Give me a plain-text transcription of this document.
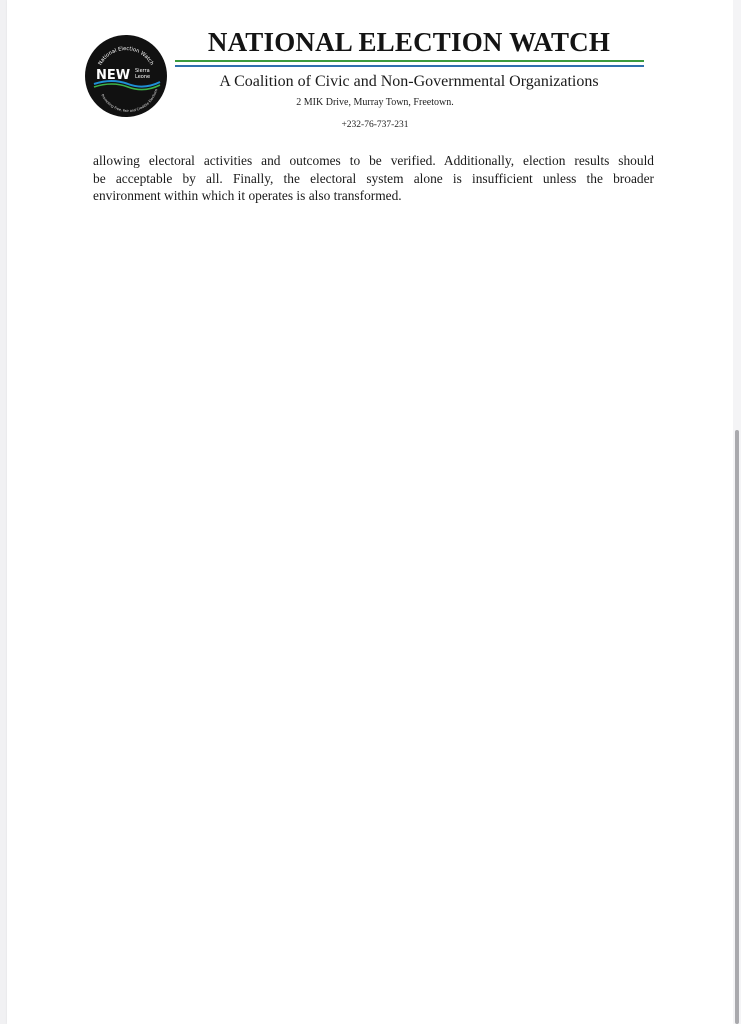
National Election Watch
NEW Sierra
Leone
Promoting Free, Fair and Credible Elections
NATIONAL ELECTION WATCH
A Coalition of Civic and Non-Governmental Organizations
2 MIK Drive, Murray Town, Freetown.
+232-76-737-231
allowing electoral activities and outcomes to be verified. Additionally, election results should
be acceptable by all. Finally, the electoral system alone is insufficient unless the broader
environment within which it operates is also transformed.
